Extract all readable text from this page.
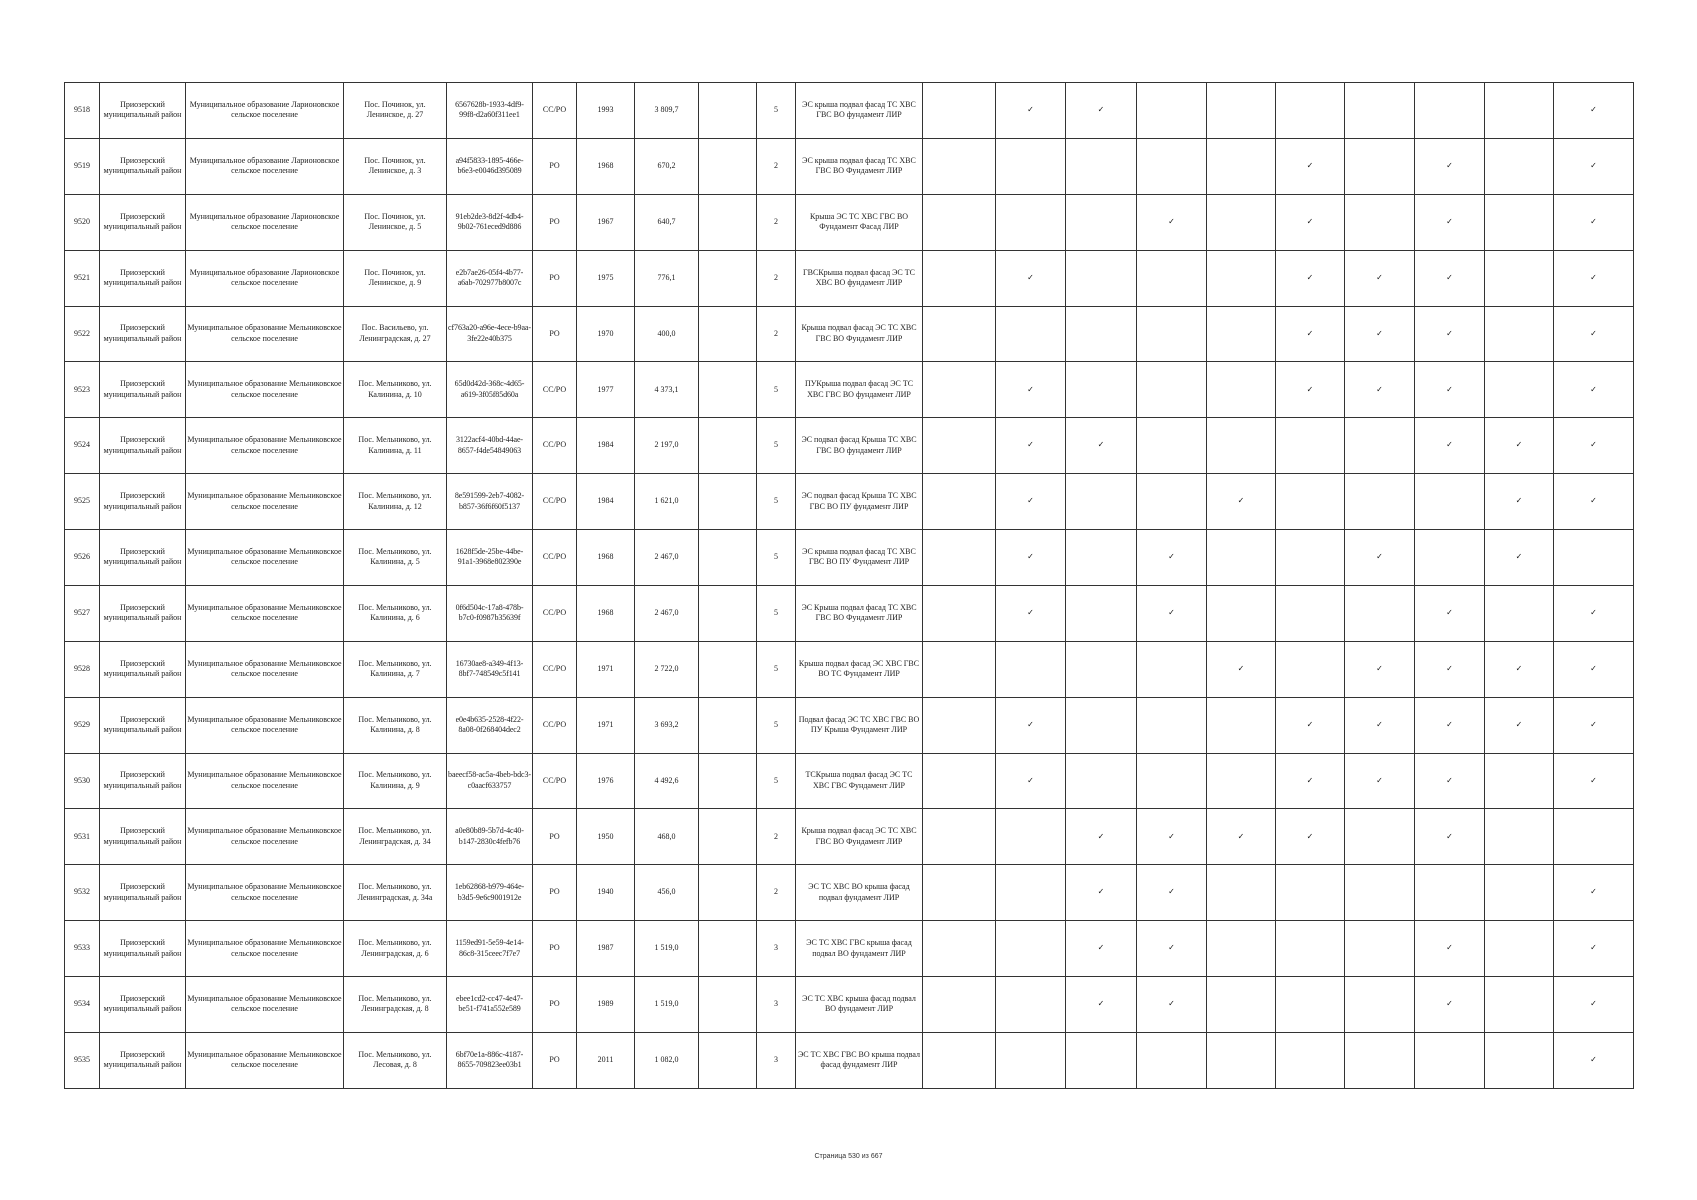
9518	Приозерский муниципальный район	Муниципальное образование Ларионовское сельское поселение	Пос. Починок, ул. Ленинское, д. 27	6567628b-1933-4df9-99f8-d2a60f311ee1	СС/РО	1993	3 809,7		5	ЭС крыша подвал фасад ТС ХВС ГВС ВО фундамент ЛИР		✓	✓							✓
9519	Приозерский муниципальный район	Муниципальное образование Ларионовское сельское поселение	Пос. Починок, ул. Ленинское, д. 3	a94f5833-1895-466e-b6e3-e0046d395089	РО	1968	670,2		2	ЭС крыша подвал фасад ТС ХВС ГВС ВО Фундамент ЛИР						✓		✓		✓
9520	Приозерский муниципальный район	Муниципальное образование Ларионовское сельское поселение	Пос. Починок, ул. Ленинское, д. 5	91eb2de3-8d2f-4db4-9b02-761eced9d886	РО	1967	640,7		2	Крыша ЭС ТС ХВС ГВС ВО Фундамент Фасад ЛИР				✓		✓		✓		✓
9521	Приозерский муниципальный район	Муниципальное образование Ларионовское сельское поселение	Пос. Починок, ул. Ленинское, д. 9	e2b7ae26-05f4-4b77-a6ab-702977b8007c	РО	1975	776,1		2	ГВСКрыша подвал фасад ЭС ТС ХВС ВО фундамент ЛИР		✓				✓	✓	✓		✓
9522	Приозерский муниципальный район	Муниципальное образование Мельниковское сельское поселение	Пос. Васильево, ул. Ленинградская, д. 27	cf763a20-a96e-4ece-b9aa-3fe22e40b375	РО	1970	400,0		2	Крыша подвал фасад ЭС ТС ХВС ГВС ВО Фундамент ЛИР						✓	✓	✓		✓
9523	Приозерский муниципальный район	Муниципальное образование Мельниковское сельское поселение	Пос. Мельниково, ул. Калинина, д. 10	65d0d42d-368c-4d65-a619-3f05f85d60a	СС/РО	1977	4 373,1		5	ПУКрыша подвал фасад ЭС ТС ХВС ГВС ВО фундамент ЛИР		✓				✓	✓	✓		✓
9524	Приозерский муниципальный район	Муниципальное образование Мельниковское сельское поселение	Пос. Мельниково, ул. Калинина, д. 11	3122acf4-40bd-44ae-8657-f4de54849063	СС/РО	1984	2 197,0		5	ЭС подвал фасад Крыша ТС ХВС ГВС ВО фундамент ЛИР		✓	✓					✓	✓	✓
9525	Приозерский муниципальный район	Муниципальное образование Мельниковское сельское поселение	Пос. Мельниково, ул. Калинина, д. 12	8e591599-2eb7-4082-b857-36f6f60f5137	СС/РО	1984	1 621,0		5	ЭС подвал фасад Крыша ТС ХВС ГВС ВО ПУ фундамент ЛИР		✓			✓				✓	✓
9526	Приозерский муниципальный район	Муниципальное образование Мельниковское сельское поселение	Пос. Мельниково, ул. Калинина, д. 5	1628f5de-25be-44be-91a1-3968e802390e	СС/РО	1968	2 467,0		5	ЭС крыша подвал фасад ТС ХВС ГВС ВО ПУ Фундамент ЛИР		✓		✓			✓		✓	
9527	Приозерский муниципальный район	Муниципальное образование Мельниковское сельское поселение	Пос. Мельниково, ул. Калинина, д. 6	0f6d504c-17a8-478b-b7c0-f0987b35639f	СС/РО	1968	2 467,0		5	ЭС Крыша подвал фасад ТС ХВС ГВС ВО Фундамент ЛИР		✓		✓				✓		✓
9528	Приозерский муниципальный район	Муниципальное образование Мельниковское сельское поселение	Пос. Мельниково, ул. Калинина, д. 7	16730ae8-a349-4f13-8bf7-748549c5f141	СС/РО	1971	2 722,0		5	Крыша подвал фасад ЭС ХВС ГВС ВО ТС Фундамент ЛИР					✓		✓	✓	✓	✓
9529	Приозерский муниципальный район	Муниципальное образование Мельниковское сельское поселение	Пос. Мельниково, ул. Калинина, д. 8	e0e4b635-2528-4f22-8a08-0f268404dec2	СС/РО	1971	3 693,2		5	Подвал фасад ЭС ТС ХВС ГВС ВО ПУ Крыша Фундамент ЛИР		✓				✓	✓	✓	✓	✓
9530	Приозерский муниципальный район	Муниципальное образование Мельниковское сельское поселение	Пос. Мельниково, ул. Калинина, д. 9	baeecf58-ac5a-4beb-bdc3-c0aacf633757	СС/РО	1976	4 492,6		5	ТСКрыша подвал фасад ЭС ТС ХВС ГВС Фундамент ЛИР		✓				✓	✓	✓		✓
9531	Приозерский муниципальный район	Муниципальное образование Мельниковское сельское поселение	Пос. Мельниково, ул. Ленинградская, д. 34	a0e80b89-5b7d-4c40-b147-2830c4fefb76	РО	1950	468,0		2	Крыша подвал фасад ЭС ТС ХВС ГВС ВО Фундамент ЛИР			✓	✓	✓	✓		✓		
9532	Приозерский муниципальный район	Муниципальное образование Мельниковское сельское поселение	Пос. Мельниково, ул. Ленинградская, д. 34а	1eb62868-b979-464e-b3d5-9e6c9001912e	РО	1940	456,0		2	ЭС ТС ХВС ВО крыша фасад подвал фундамент ЛИР			✓	✓						✓
9533	Приозерский муниципальный район	Муниципальное образование Мельниковское сельское поселение	Пос. Мельниково, ул. Ленинградская, д. 6	1159ed91-5e59-4e14-86c8-315ceec7f7e7	РО	1987	1 519,0		3	ЭС ТС ХВС ГВС крыша фасад подвал ВО фундамент ЛИР			✓	✓				✓		✓
9534	Приозерский муниципальный район	Муниципальное образование Мельниковское сельское поселение	Пос. Мельниково, ул. Ленинградская, д. 8	ebee1cd2-cc47-4e47-be51-f741a552e589	РО	1989	1 519,0		3	ЭС ТС ХВС крыша фасад подвал ВО фундамент ЛИР			✓	✓				✓		✓
9535	Приозерский муниципальный район	Муниципальное образование Мельниковское сельское поселение	Пос. Мельниково, ул. Лесовая, д. 8	6bf70e1a-886c-4187-8655-709823ee03b1	РО	2011	1 082,0		3	ЭС ТС ХВС ГВС ВО крыша подвал фасад фундамент ЛИР										✓
Страница 530 из 667
